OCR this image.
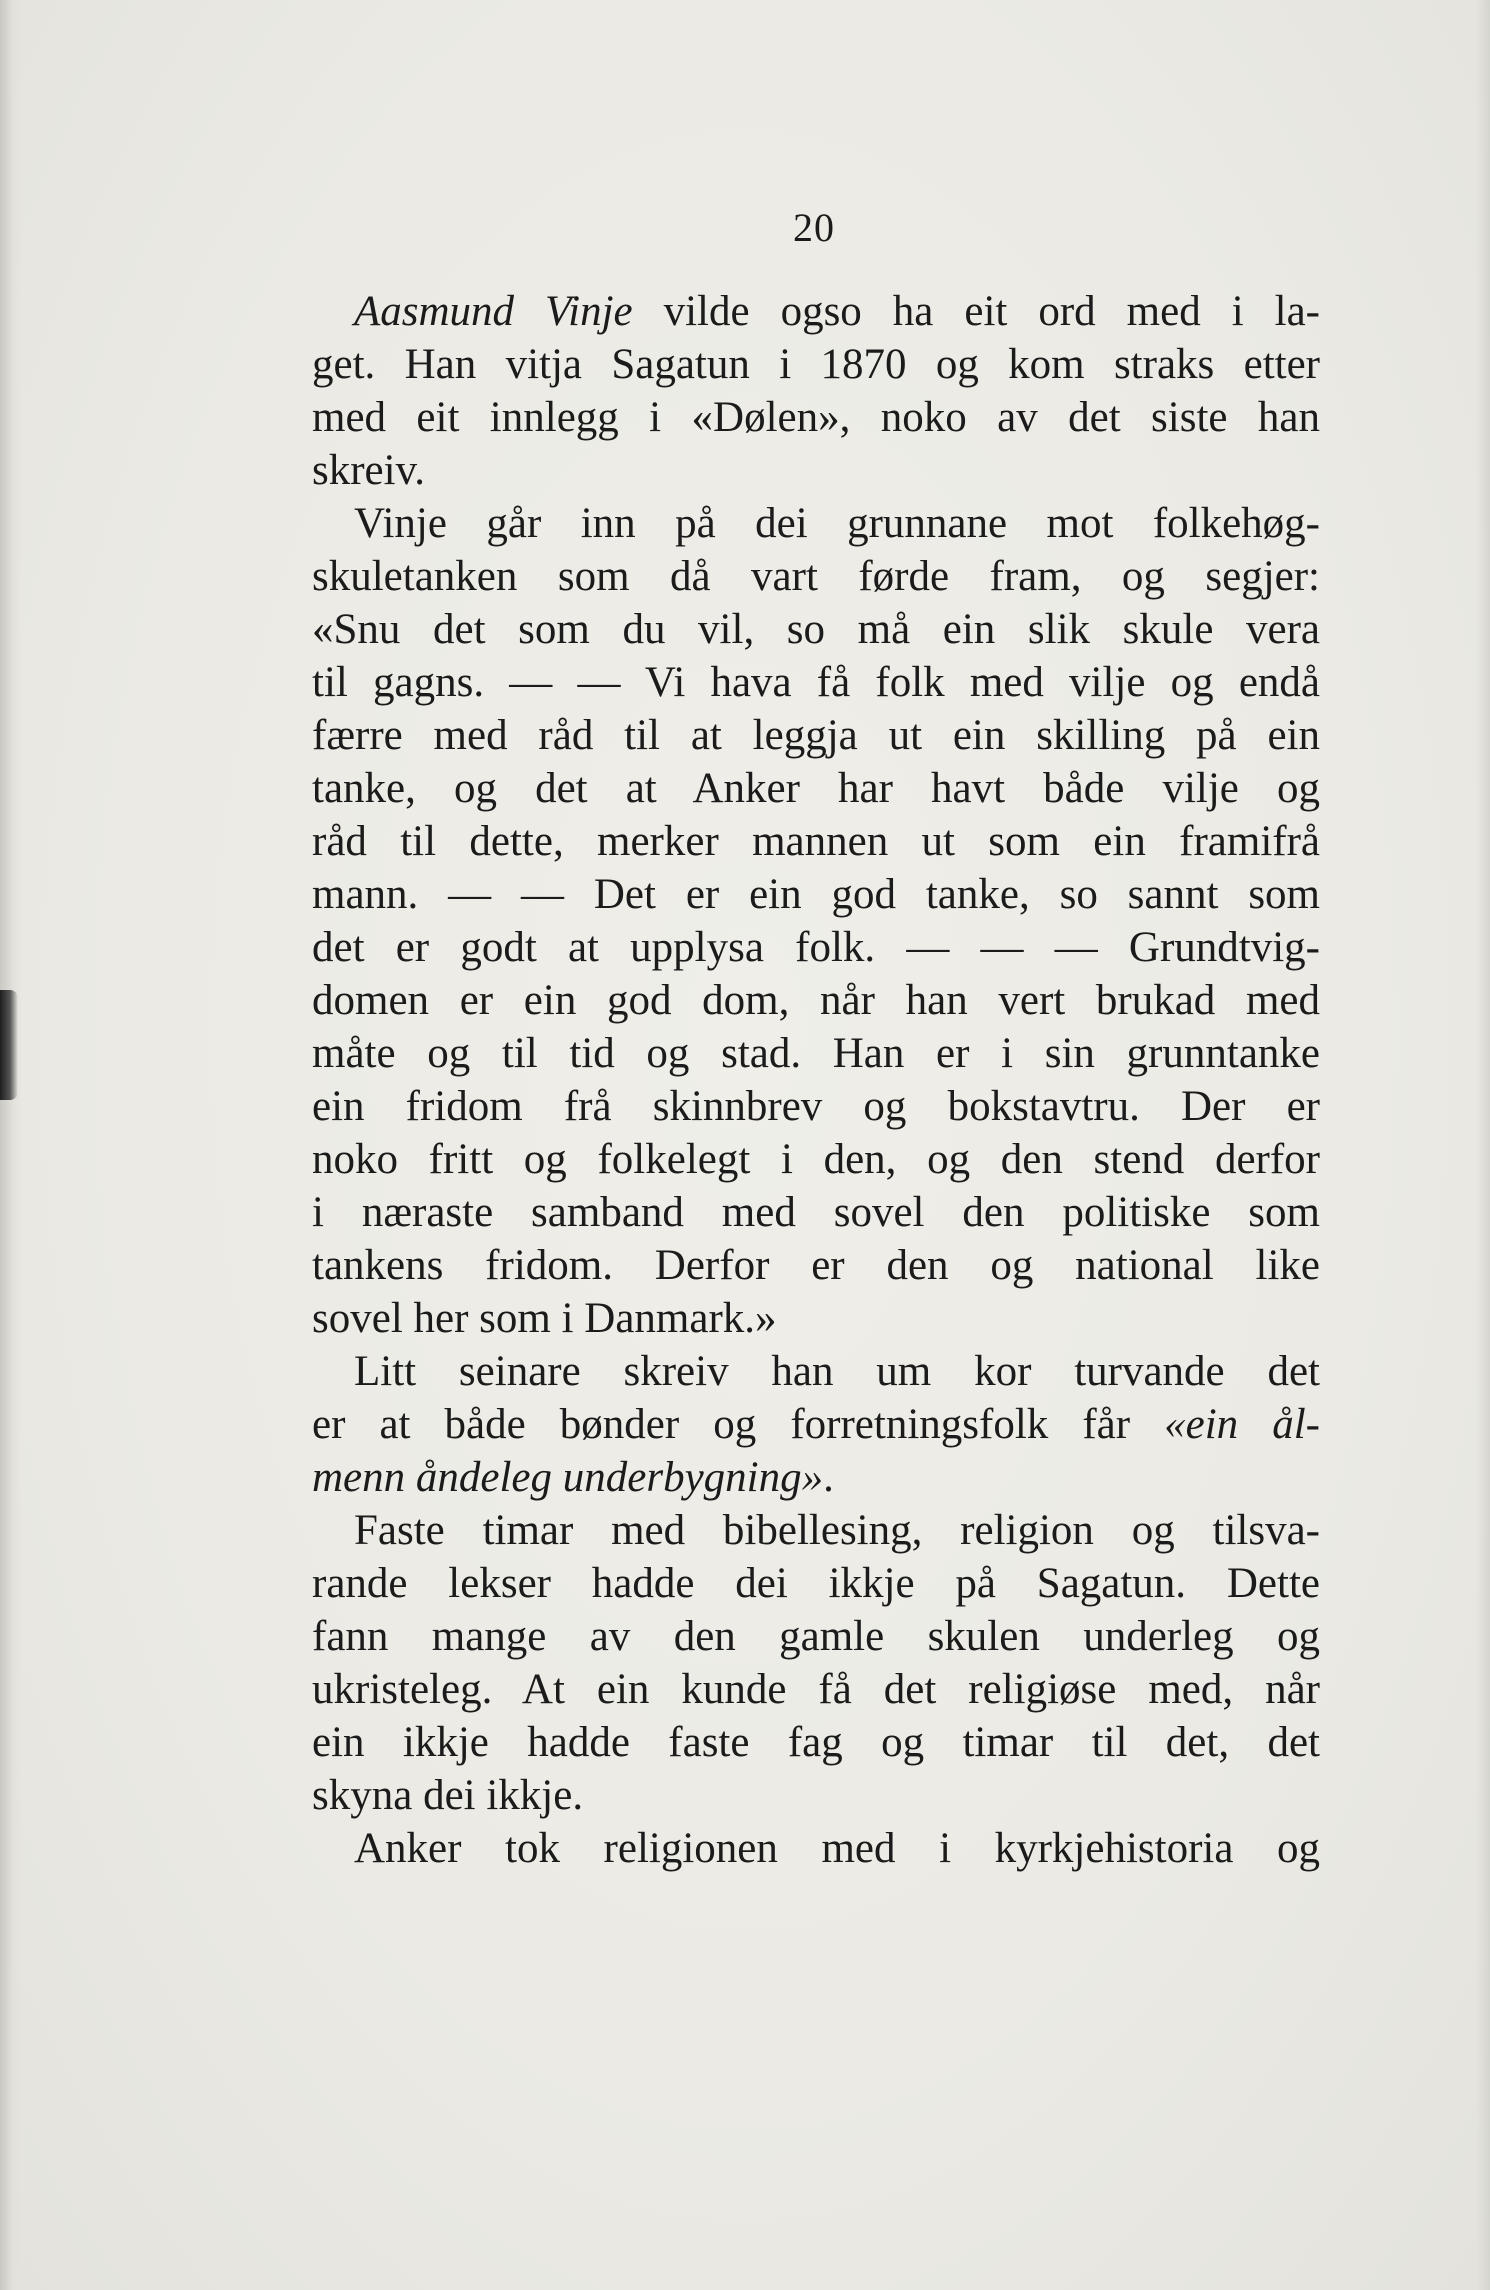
20
Aasmund Vinje vilde ogso ha eit ord med i la-
get. Han vitja Sagatun i 1870 og kom straks etter
med eit innlegg i «Dølen», noko av det siste han
skreiv.
Vinje går inn på dei grunnane mot folkehøg-
skuletanken som då vart førde fram, og segjer:
«Snu det som du vil, so må ein slik skule vera
til gagns. — — Vi hava få folk med vilje og endå
færre med råd til at leggja ut ein skilling på ein
tanke, og det at Anker har havt både vilje og
råd til dette, merker mannen ut som ein framifrå
mann. — — Det er ein god tanke, so sannt som
det er godt at upplysa folk. — — — Grundtvig-
domen er ein god dom, når han vert brukad med
måte og til tid og stad. Han er i sin grunntanke
ein fridom frå skinnbrev og bokstavtru. Der er
noko fritt og folkelegt i den, og den stend derfor
i næraste samband med sovel den politiske som
tankens fridom. Derfor er den og national like
sovel her som i Danmark.»
Litt seinare skreiv han um kor turvande det
er at både bønder og forretningsfolk får «ein ål-
menn åndeleg underbygning».
Faste timar med bibellesing, religion og tilsva-
rande lekser hadde dei ikkje på Sagatun. Dette
fann mange av den gamle skulen underleg og
ukristeleg. At ein kunde få det religiøse med, når
ein ikkje hadde faste fag og timar til det, det
skyna dei ikkje.
Anker tok religionen med i kyrkjehistoria og
